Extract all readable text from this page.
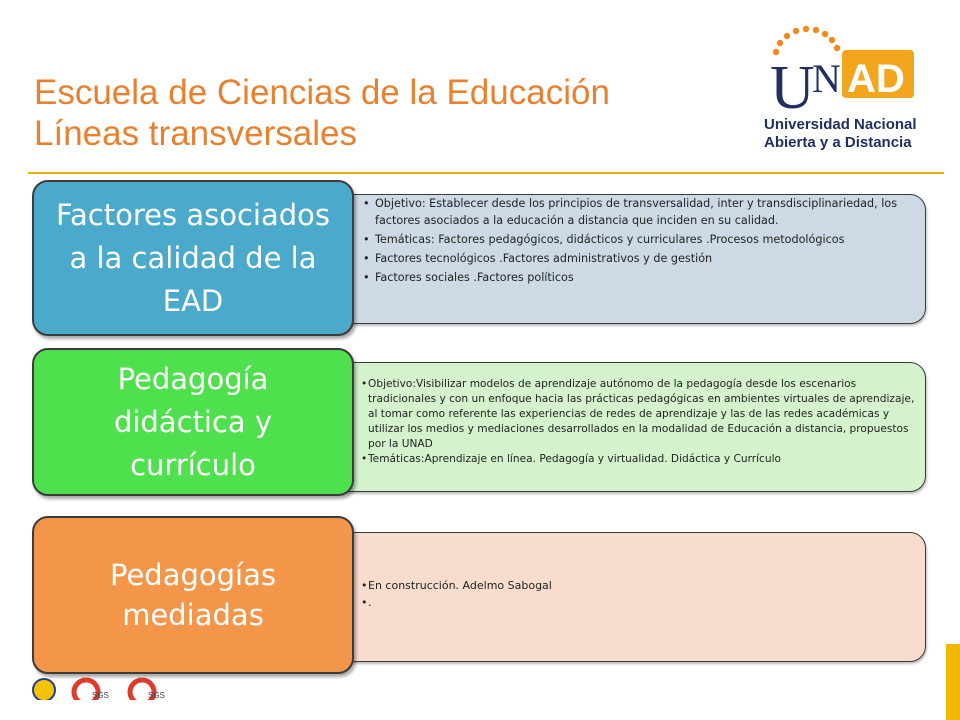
Escuela de Ciencias de la Educación
Líneas transversales
U
N AD
Universidad Nacional
Abierta y a Distancia
• Objetivo: Establecer desde los principios de transversalidad, inter y transdisciplinariedad, los factores asociados a la educación a distancia que inciden en su calidad.
• Temáticas: Factores pedagógicos, didácticos y curriculares .Procesos metodológicos
• Factores tecnológicos .Factores administrativos y de gestión
• Factores sociales .Factores políticos
• Objetivo:Visibilizar modelos de aprendizaje autónomo de la pedagogía desde los escenarios tradicionales y con un enfoque hacia las prácticas pedagógicas en ambientes virtuales de aprendizaje, al tomar como referente las experiencias de redes de aprendizaje y las de las redes académicas y utilizar los medios y mediaciones desarrollados en la modalidad de Educación a distancia, propuestos por la UNAD
• Temáticas:Aprendizaje en línea. Pedagogía y virtualidad. Didáctica y Currículo
• En construcción. Adelmo Sabogal
• .
Factores asociados a la calidad de la EAD
Pedagogía didáctica y currículo
Pedagogías mediadas
SGS	SGS
